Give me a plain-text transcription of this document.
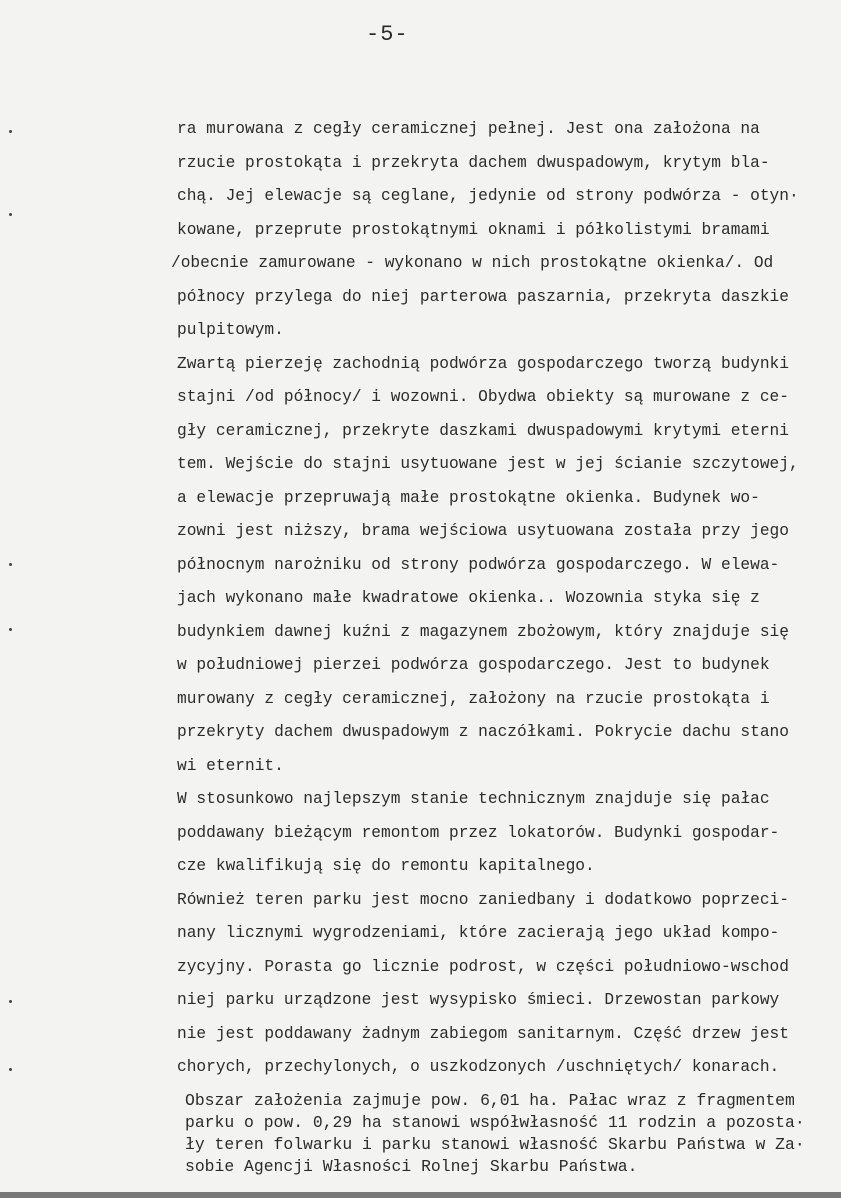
-5-
ra murowana z cegły ceramicznej pełnej. Jest ona założona na
rzucie prostokąta i przekryta dachem dwuspadowym, krytym bla-
chą. Jej elewacje są ceglane, jedynie od strony podwórza - otyn·
kowane, przeprute prostokątnymi oknami i półkolistymi bramami
/obecnie zamurowane - wykonano w nich prostokątne okienka/. Od
północy przylega do niej parterowa paszarnia, przekryta daszkie
pulpitowym.
Zwartą pierzeję zachodnią podwórza gospodarczego tworzą budynki
stajni /od północy/ i wozowni. Obydwa obiekty są murowane z ce-
gły ceramicznej, przekryte daszkami dwuspadowymi krytymi eterni
tem. Wejście do stajni usytuowane jest w jej ścianie szczytowej,
a elewacje przepruwają małe prostokątne okienka. Budynek wo-
zowni jest niższy, brama wejściowa usytuowana została przy jego
północnym narożniku od strony podwórza gospodarczego. W elewa-
jach wykonano małe kwadratowe okienka.. Wozownia styka się z
budynkiem dawnej kuźni z magazynem zbożowym, który znajduje się
w południowej pierzei podwórza gospodarczego. Jest to budynek
murowany z cegły ceramicznej, założony na rzucie prostokąta i
przekryty dachem dwuspadowym z naczółkami. Pokrycie dachu stano
wi eternit.
W stosunkowo najlepszym stanie technicznym znajduje się pałac
poddawany bieżącym remontom przez lokatorów. Budynki gospodar-
cze kwalifikują się do remontu kapitalnego.
Również teren parku jest mocno zaniedbany i dodatkowo poprzeci-
nany licznymi wygrodzeniami, które zacierają jego układ kompo-
zycyjny. Porasta go licznie podrost, w części południowo-wschod
niej parku urządzone jest wysypisko śmieci. Drzewostan parkowy
nie jest poddawany żadnym zabiegom sanitarnym. Część drzew jest
chorych, przechylonych, o uszkodzonych /uschniętych/ konarach.
Obszar założenia zajmuje pow. 6,01 ha. Pałac wraz z fragmentem
parku o pow. 0,29 ha stanowi współwłasność 11 rodzin a pozosta·
ły teren folwarku i parku stanowi własność Skarbu Państwa w Za·
sobie Agencji Własności Rolnej Skarbu Państwa.
